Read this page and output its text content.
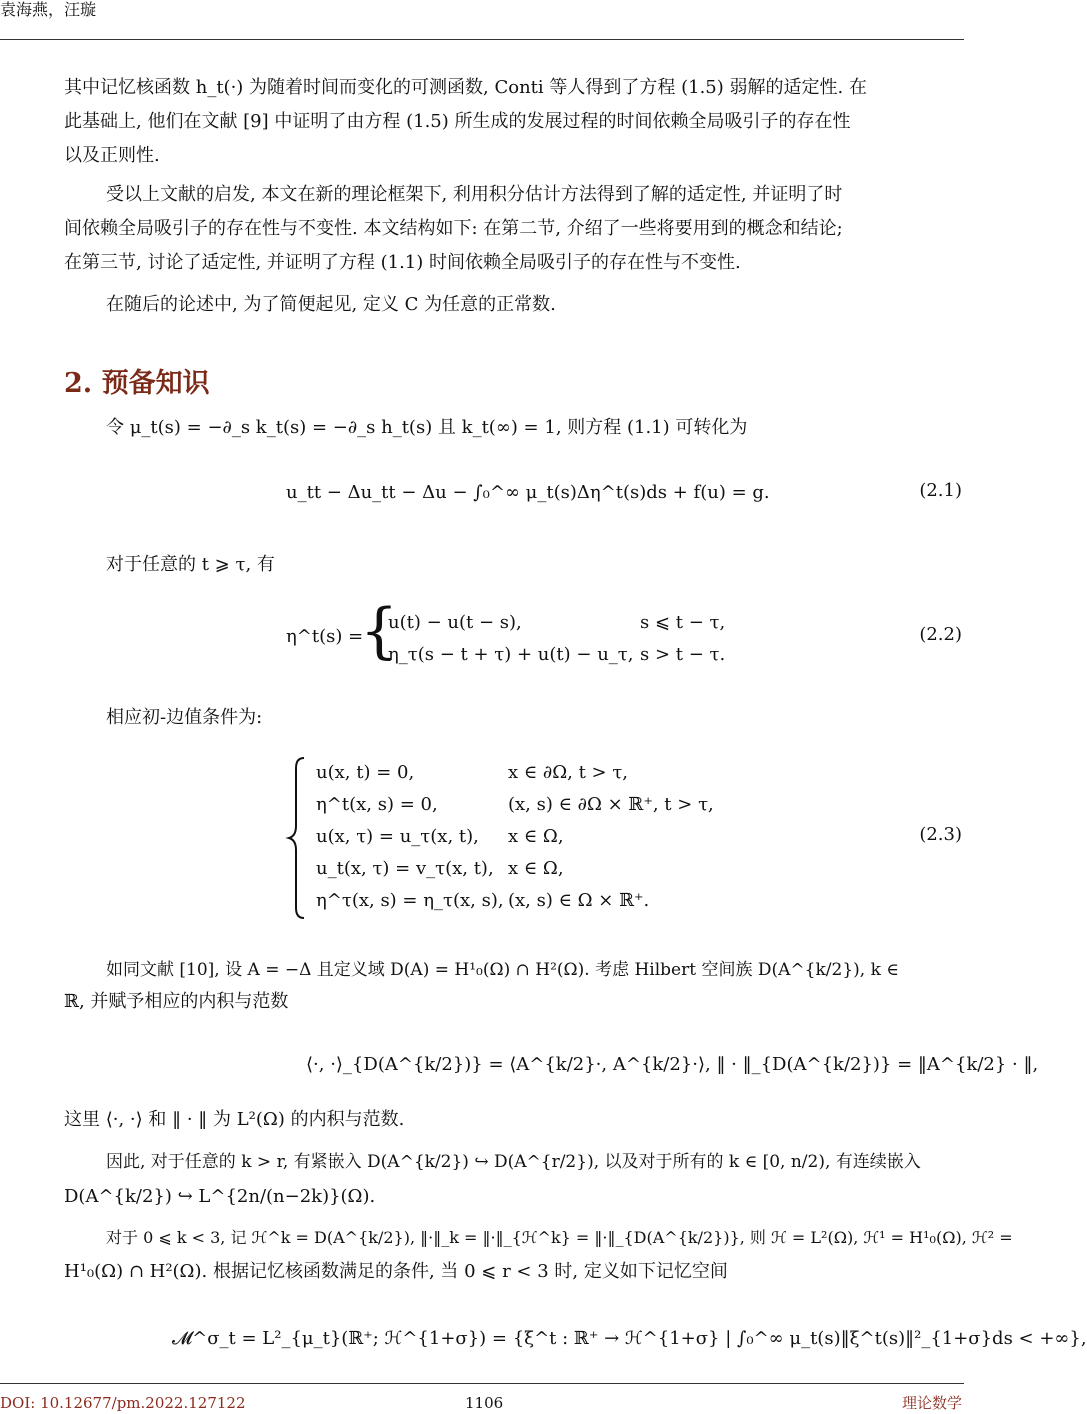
袁海燕，汪璇
其中记忆核函数 h_t(·) 为随着时间而变化的可测函数, Conti 等人得到了方程 (1.5) 弱解的适定性. 在
此基础上, 他们在文献 [9] 中证明了由方程 (1.5) 所生成的发展过程的时间依赖全局吸引子的存在性
以及正则性.
受以上文献的启发, 本文在新的理论框架下, 利用积分估计方法得到了解的适定性, 并证明了时
间依赖全局吸引子的存在性与不变性. 本文结构如下: 在第二节, 介绍了一些将要用到的概念和结论;
在第三节, 讨论了适定性, 并证明了方程 (1.1) 时间依赖全局吸引子的存在性与不变性.
在随后的论述中, 为了简便起见, 定义 C 为任意的正常数.
2. 预备知识
令 μ_t(s) = −∂_s k_t(s) = −∂_s h_t(s) 且 k_t(∞) = 1, 则方程 (1.1) 可转化为
u_tt − Δu_tt − Δu − ∫₀^∞ μ_t(s)Δη^t(s)ds + f(u) = g.	(2.1)
对于任意的 t ⩾ τ, 有
η^t(s) =
{
u(t) − u(t − s),	s ⩽ t − τ,
η_τ(s − t + τ) + u(t) − u_τ, s > t − τ.
(2.2)
相应初-边值条件为:
u(x, t) = 0,	x ∈ ∂Ω, t > τ,
η^t(x, s) = 0,	(x, s) ∈ ∂Ω × ℝ⁺, t > τ,
u(x, τ) = u_τ(x, t), x ∈ Ω,
u_t(x, τ) = v_τ(x, t), x ∈ Ω,
η^τ(x, s) = η_τ(x, s), (x, s) ∈ Ω × ℝ⁺.
(2.3)
如同文献 [10], 设 A = −Δ 且定义域 D(A) = H¹₀(Ω) ∩ H²(Ω). 考虑 Hilbert 空间族 D(A^{k/2}), k ∈
ℝ, 并赋予相应的内积与范数
⟨·, ·⟩_{D(A^{k/2})} = ⟨A^{k/2}·, A^{k/2}·⟩, ‖ · ‖_{D(A^{k/2})} = ‖A^{k/2} · ‖,
这里 ⟨·, ·⟩ 和 ‖ · ‖ 为 L²(Ω) 的内积与范数.
因此, 对于任意的 k > r, 有紧嵌入 D(A^{k/2}) ↪ D(A^{r/2}), 以及对于所有的 k ∈ [0, n/2), 有连续嵌入
D(A^{k/2}) ↪ L^{2n/(n−2k)}(Ω).
对于 0 ⩽ k < 3, 记 ℋ^k = D(A^{k/2}), ‖·‖_k = ‖·‖_{ℋ^k} = ‖·‖_{D(A^{k/2})}, 则 ℋ = L²(Ω), ℋ¹ = H¹₀(Ω), ℋ² =
H¹₀(Ω) ∩ H²(Ω). 根据记忆核函数满足的条件, 当 0 ⩽ r < 3 时, 定义如下记忆空间
𝓜^σ_t = L²_{μ_t}(ℝ⁺; ℋ^{1+σ}) = {ξ^t : ℝ⁺ → ℋ^{1+σ} | ∫₀^∞ μ_t(s)‖ξ^t(s)‖²_{1+σ}ds < +∞},
DOI: 10.12677/pm.2022.127122	1106	理论数学
